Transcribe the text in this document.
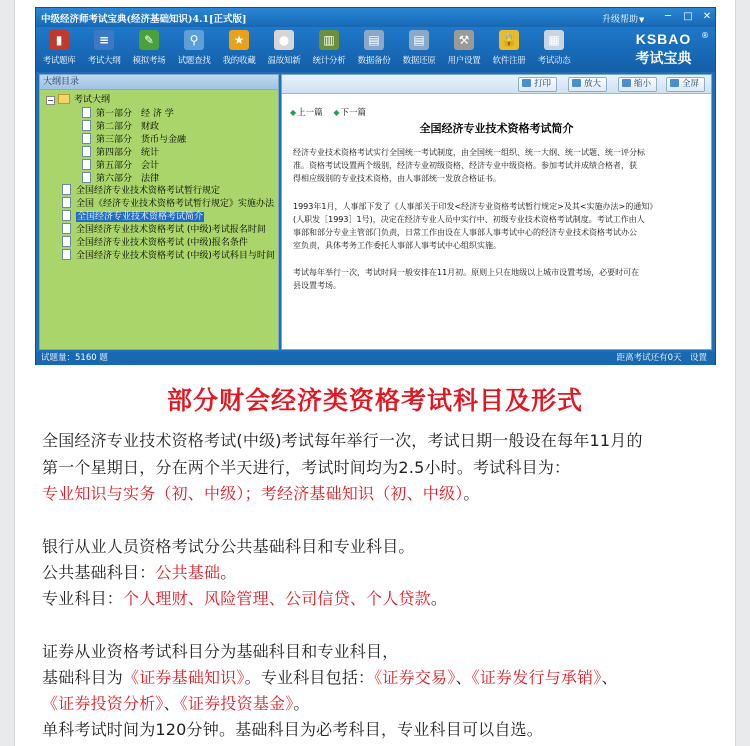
中级经济师考试宝典(经济基础知识)4.1[正式版]	升级帮助▼	─	□ ✕
▮
考试题库
≡
考试大纲
✎
模拟考场
⚲
试题查找
★
我的收藏
●
温故知新
▥
统计分析
▤
数据备份
▤
数据还原
⚒
用户设置
🔒
软件注册
▦
考试动态
KSBAO	®
考试宝典
大纲目录
− 考试大纲
第一部分　经 济 学
第二部分　财政
第三部分　货币与金融
第四部分　统计
第五部分　会计
第六部分　法律
全国经济专业技术资格考试暂行规定
全国《经济专业技术资格考试暂行规定》实施办法
全国经济专业技术资格考试简介
全国经济专业技术资格考试 (中级)考试报名时间
全国经济专业技术资格考试 (中级)报名条件
全国经济专业技术资格考试 (中级)考试科目与时间
打印	放大	缩小	全屏
◆上一篇 ◆下一篇
全国经济专业技术资格考试简介
经济专业技术资格考试实行全国统一考试制度，由全国统一组织、统一大纲、统一试题、统一评分标
准。资格考试设置两个级别，经济专业初级资格、经济专业中级资格。参加考试并成绩合格者，获
得相应级别的专业技术资格，由人事部统一发放合格证书。
1993年1月，人事部下发了《人事部关于印发<经济专业资格考试暂行规定>及其<实施办法>的通知》
(人职发［1993］1号)，决定在经济专业人员中实行中、初级专业技术资格考试制度。考试工作由人
事部和部分专业主管部门负责，日常工作由设在人事部人事考试中心的经济专业技术资格考试办公
室负责，具体考务工作委托人事部人事考试中心组织实施。
考试每年举行一次，考试时间一般安排在11月初。原则上只在地级以上城市设置考场，必要时可在
县设置考场。
试题量：5160 题	距离考试还有0天　设置
部分财会经济类资格考试科目及形式
全国经济专业技术资格考试(中级)考试每年举行一次，考试日期一般设在每年11月的
第一个星期日，分在两个半天进行，考试时间均为2.5小时。考试科目为：
专业知识与实务（初、中级）；考经济基础知识（初、中级）。
银行从业人员资格考试分公共基础科目和专业科目。
公共基础科目：公共基础。
专业科目：个人理财、风险管理、公司信贷、个人贷款。
证券从业资格考试科目分为基础科目和专业科目，
基础科目为《证券基础知识》。专业科目包括：《证券交易》、《证券发行与承销》、
《证券投资分析》、《证券投资基金》。
单科考试时间为120分钟。基础科目为必考科目，专业科目可以自选。
